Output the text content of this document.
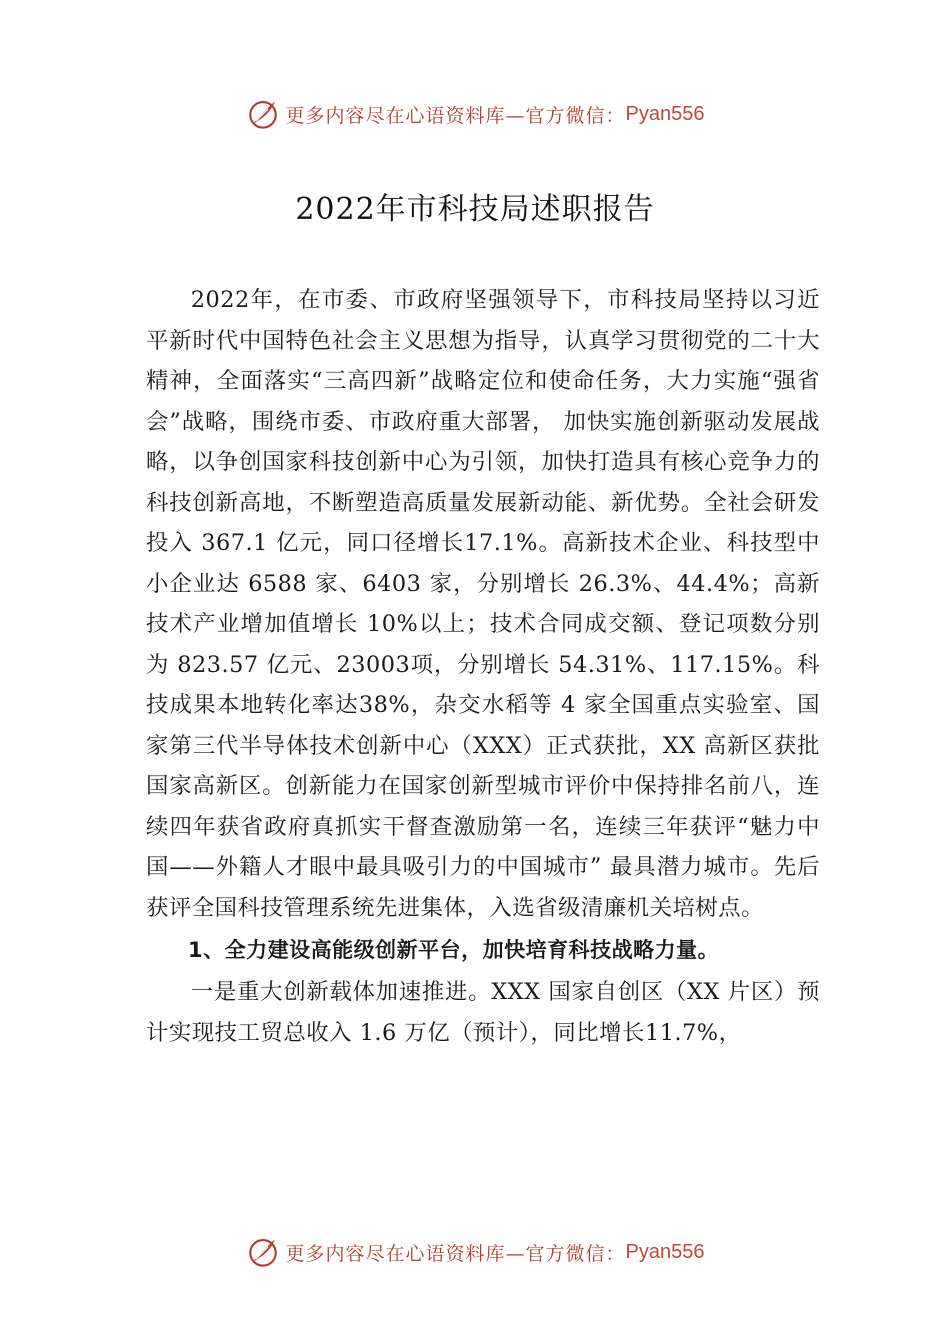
更多内容尽在心语资料库—官方微信： Pyan556
2022年市科技局述职报告

2022年，在市委、市政府坚强领导下，市科技局坚持以习近平新时代中国特色社会主义思想为指导，认真学习贯彻党的二十大精神，全面落实“三高四新”战略定位和使命任务，大力实施“强省会”战略，围绕市委、市政府重大部署， 加快实施创新驱动发展战略，以争创国家科技创新中心为引领，加快打造具有核心竞争力的科技创新高地，不断塑造高质量发展新动能、新优势。全社会研发投入 367.1 亿元，同口径增长17.1%。高新技术企业、科技型中小企业达 6588 家、6403 家，分别增长 26.3%、44.4%；高新技术产业增加值增长 10%以上；技术合同成交额、登记项数分别为 823.57 亿元、23003项，分别增长 54.31%、117.15%。科技成果本地转化率达38%，杂交水稻等 4 家全国重点实验室、国家第三代半导体技术创新中心（XXX）正式获批，XX 高新区获批国家高新区。创新能力在国家创新型城市评价中保持排名前八，连续四年获省政府真抓实干督查激励第一名，连续三年获评“魅力中国——外籍人才眼中最具吸引力的中国城市” 最具潜力城市。先后获评全国科技管理系统先进集体，入选省级清廉机关培树点。

1、全力建设高能级创新平台，加快培育科技战略力量。

一是重大创新载体加速推进。XXX 国家自创区（XX 片区）预计实现技工贸总收入 1.6 万亿（预计），同比增长11.7%，

更多内容尽在心语资料库—官方微信： Pyan556
